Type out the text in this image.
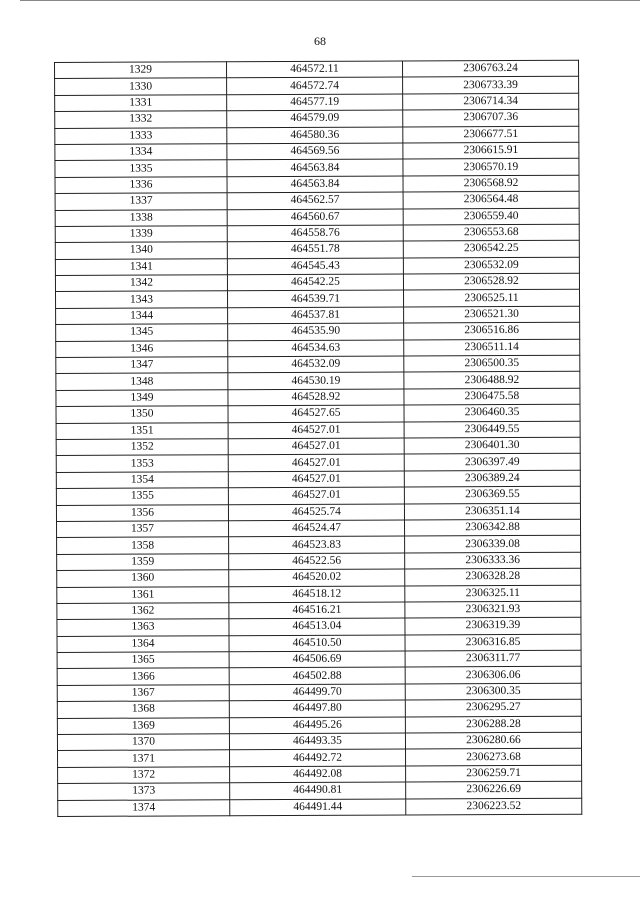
68
1329	464572.11	2306763.24
1330	464572.74	2306733.39
1331	464577.19	2306714.34
1332	464579.09	2306707.36
1333	464580.36	2306677.51
1334	464569.56	2306615.91
1335	464563.84	2306570.19
1336	464563.84	2306568.92
1337	464562.57	2306564.48
1338	464560.67	2306559.40
1339	464558.76	2306553.68
1340	464551.78	2306542.25
1341	464545.43	2306532.09
1342	464542.25	2306528.92
1343	464539.71	2306525.11
1344	464537.81	2306521.30
1345	464535.90	2306516.86
1346	464534.63	2306511.14
1347	464532.09	2306500.35
1348	464530.19	2306488.92
1349	464528.92	2306475.58
1350	464527.65	2306460.35
1351	464527.01	2306449.55
1352	464527.01	2306401.30
1353	464527.01	2306397.49
1354	464527.01	2306389.24
1355	464527.01	2306369.55
1356	464525.74	2306351.14
1357	464524.47	2306342.88
1358	464523.83	2306339.08
1359	464522.56	2306333.36
1360	464520.02	2306328.28
1361	464518.12	2306325.11
1362	464516.21	2306321.93
1363	464513.04	2306319.39
1364	464510.50	2306316.85
1365	464506.69	2306311.77
1366	464502.88	2306306.06
1367	464499.70	2306300.35
1368	464497.80	2306295.27
1369	464495.26	2306288.28
1370	464493.35	2306280.66
1371	464492.72	2306273.68
1372	464492.08	2306259.71
1373	464490.81	2306226.69
1374	464491.44	2306223.52
